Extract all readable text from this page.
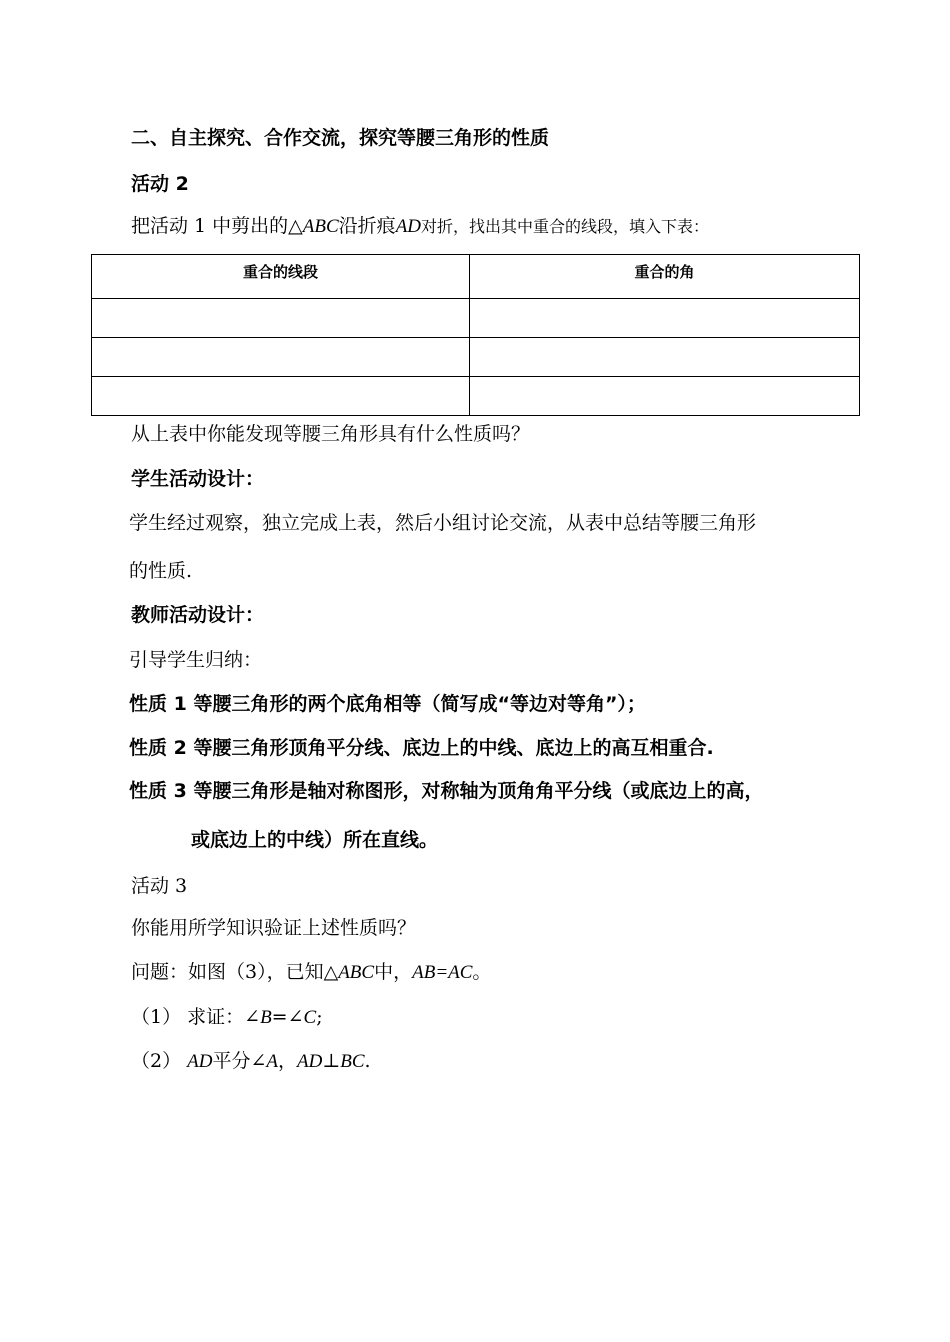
二、自主探究、合作交流，探究等腰三角形的性质
活动 2
把活动 1 中剪出的△ABC沿折痕AD对折，找出其中重合的线段，填入下表：
重合的线段	重合的角

从上表中你能发现等腰三角形具有什么性质吗？
学生活动设计：
学生经过观察，独立完成上表，然后小组讨论交流，从表中总结等腰三角形
的性质.
教师活动设计：
引导学生归纳：
性质 1 等腰三角形的两个底角相等（简写成“等边对等角”）；
性质 2 等腰三角形顶角平分线、底边上的中线、底边上的高互相重合.
性质 3 等腰三角形是轴对称图形，对称轴为顶角角平分线（或底边上的高，
或底边上的中线）所在直线。
活动 3
你能用所学知识验证上述性质吗？
问题：如图（3），已知△ABC中，AB=AC。
（1） 求证：∠B=∠C;
（2） AD平分∠A，AD⊥BC.
